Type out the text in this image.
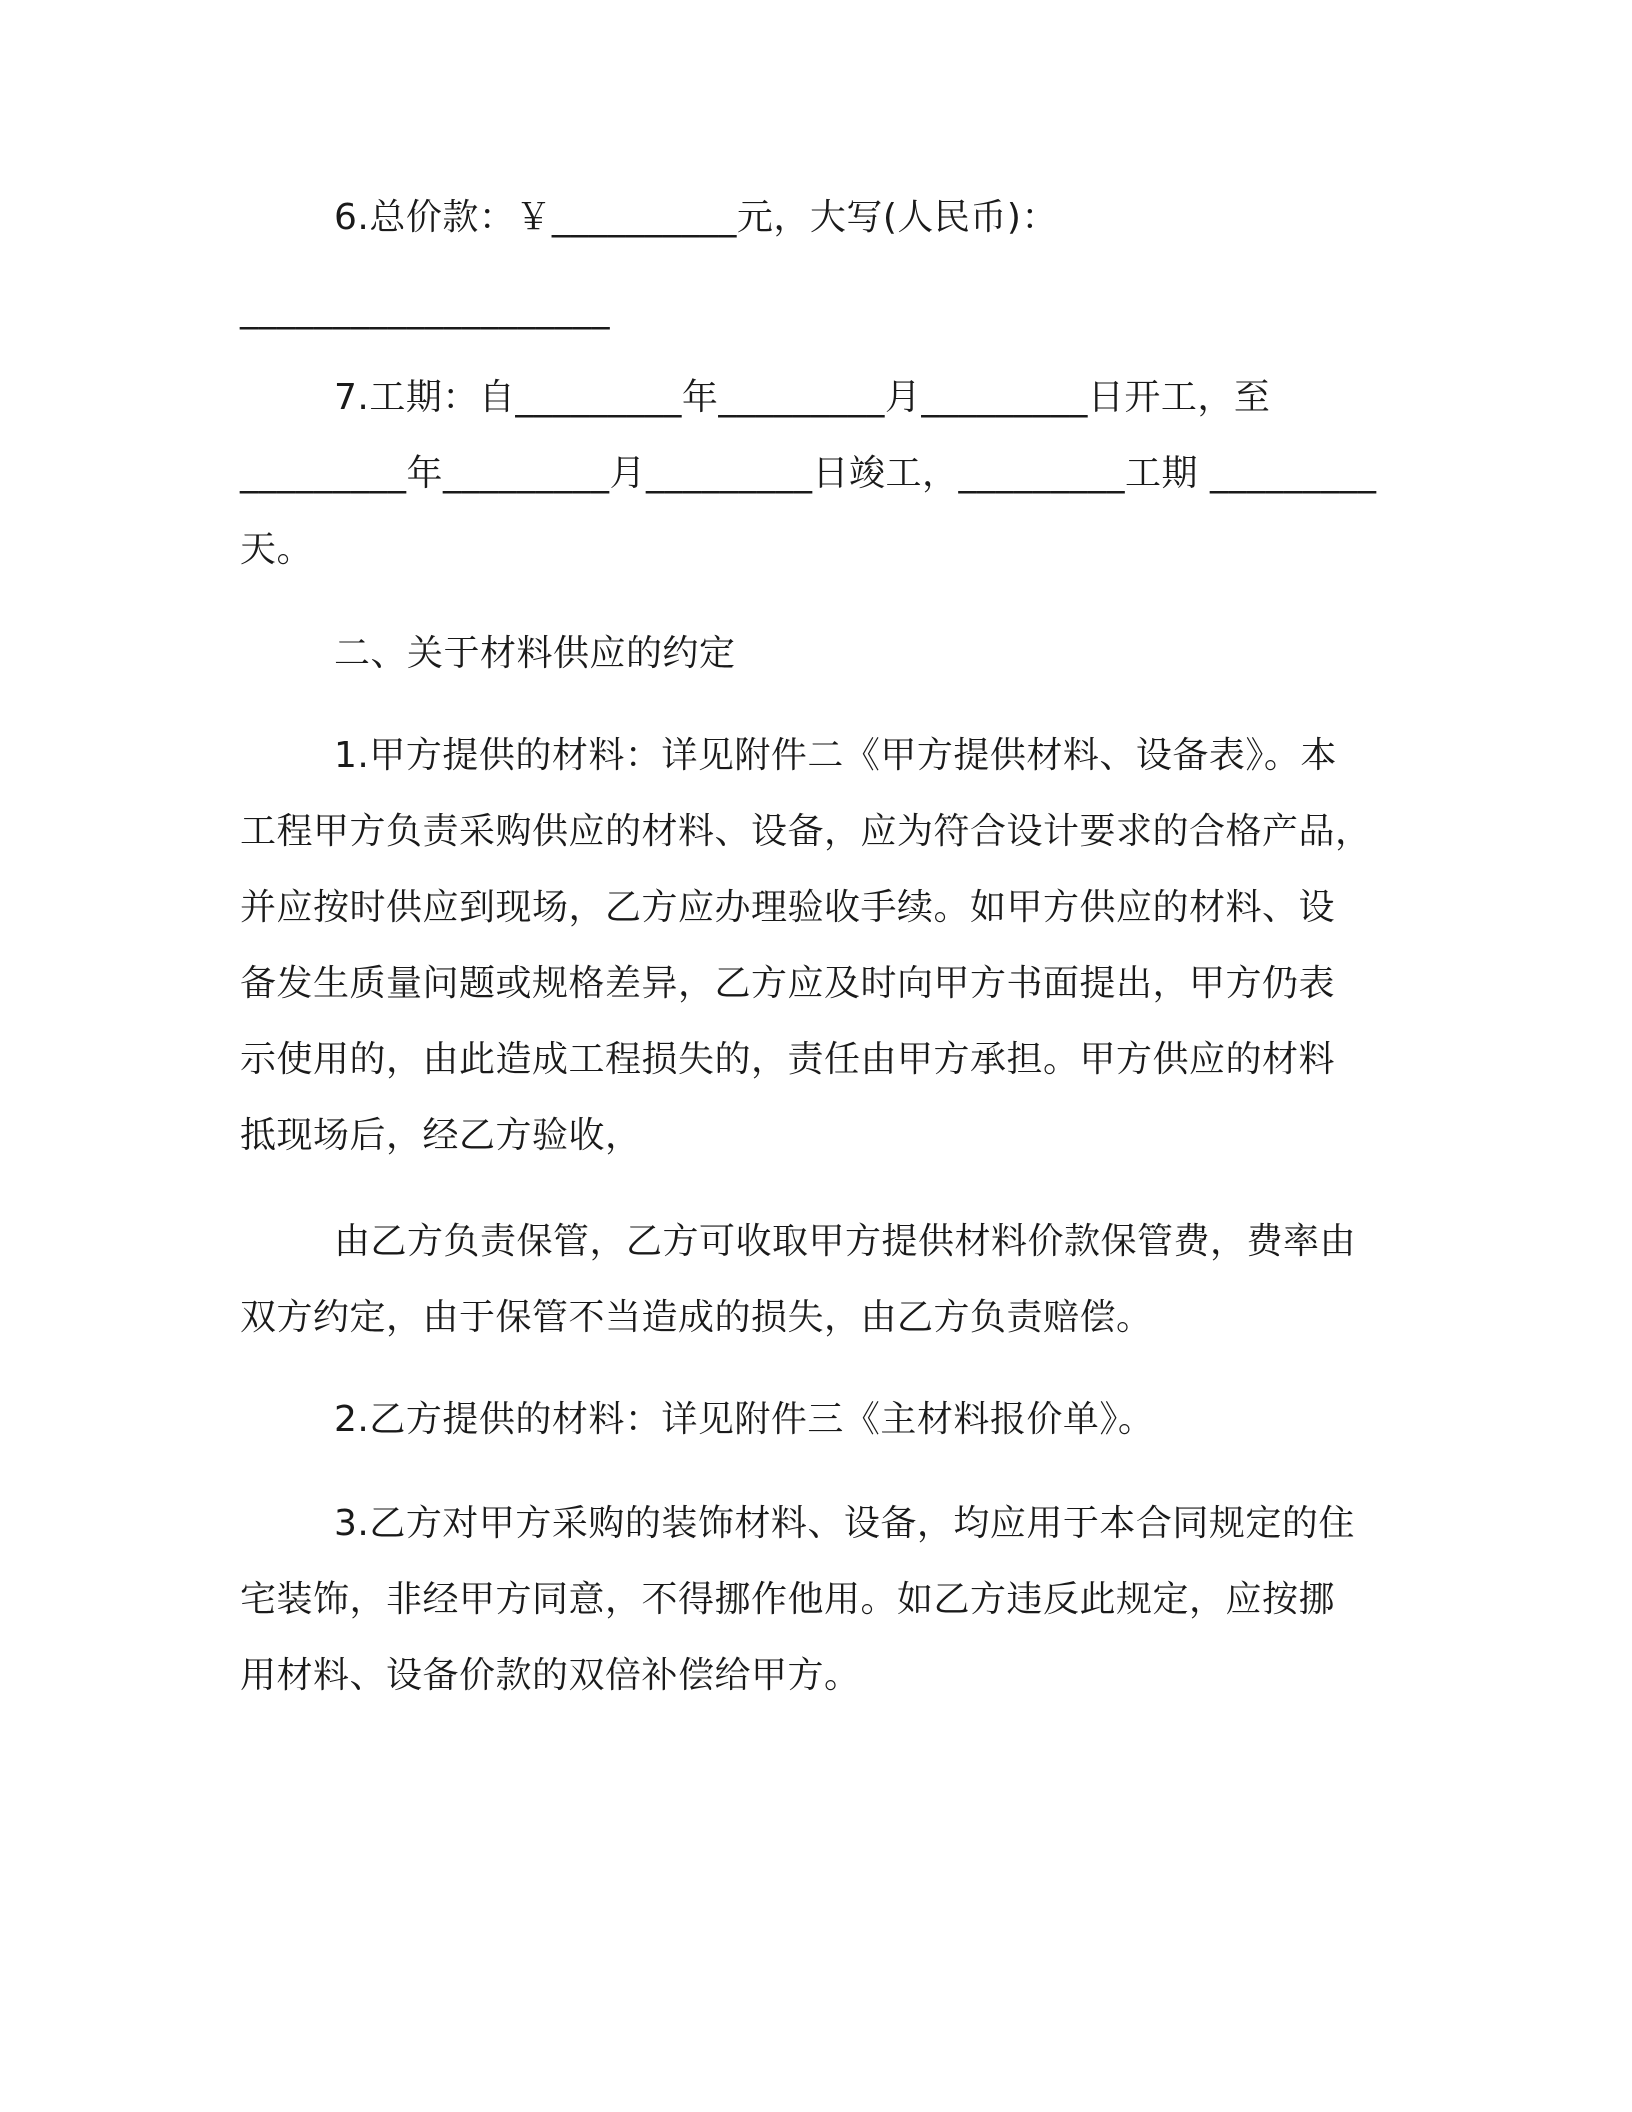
6.总价款：￥__________元，大写(人民币)：
____________________
7.工期：自_________年_________月_________日开工，至
_________年_________月_________日竣工，_________工期 _________
天。
二、关于材料供应的约定
1.甲方提供的材料：详见附件二《甲方提供材料、设备表》。本
工程甲方负责采购供应的材料、设备，应为符合设计要求的合格产品，
并应按时供应到现场，乙方应办理验收手续。如甲方供应的材料、设
备发生质量问题或规格差异，乙方应及时向甲方书面提出，甲方仍表
示使用的，由此造成工程损失的，责任由甲方承担。甲方供应的材料
抵现场后，经乙方验收，
由乙方负责保管，乙方可收取甲方提供材料价款保管费，费率由
双方约定，由于保管不当造成的损失，由乙方负责赔偿。
2.乙方提供的材料：详见附件三《主材料报价单》。
3.乙方对甲方采购的装饰材料、设备，均应用于本合同规定的住
宅装饰，非经甲方同意，不得挪作他用。如乙方违反此规定，应按挪
用材料、设备价款的双倍补偿给甲方。
